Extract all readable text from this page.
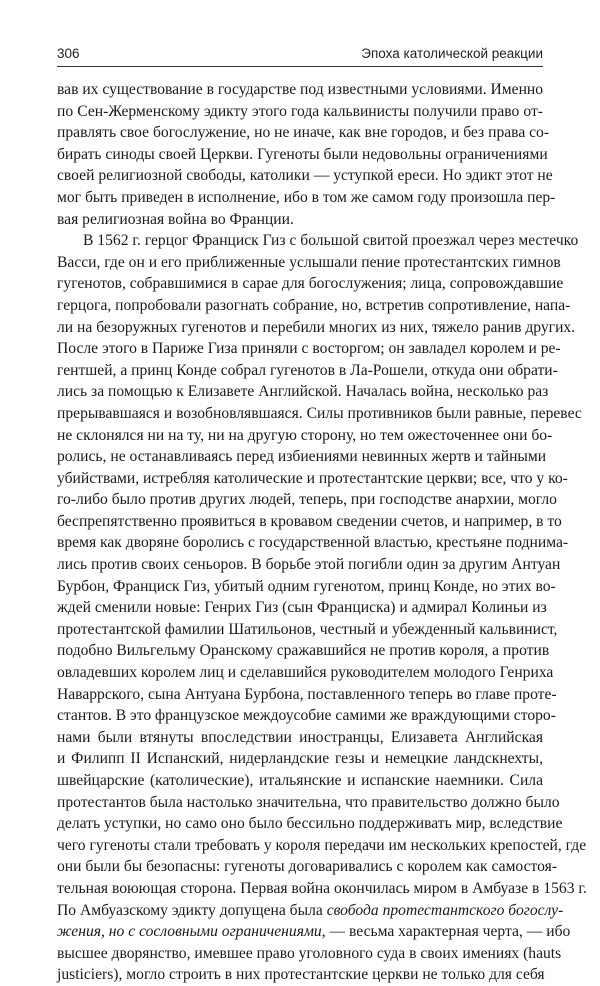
306	Эпоха католической реакции
вав их существование в государстве под известными условиями. Именно
по Сен-Жерменскому эдикту этого года кальвинисты получили право от-
правлять свое богослужение, но не иначе, как вне городов, и без права со-
бирать синоды своей Церкви. Гугеноты были недовольны ограничениями
своей религиозной свободы, католики — уступкой ереси. Но эдикт этот не
мог быть приведен в исполнение, ибо в том же самом году произошла пер-
вая религиозная война во Франции.
В 1562 г. герцог Франциск Гиз с большой свитой проезжал через местечко
Васси, где он и его приближенные услышали пение протестантских гимнов
гугенотов, собравшимися в сарае для богослужения; лица, сопровождавшие
герцога, попробовали разогнать собрание, но, встретив сопротивление, напа-
ли на безоружных гугенотов и перебили многих из них, тяжело ранив других.
После этого в Париже Гиза приняли с восторгом; он завладел королем и ре-
гентшей, а принц Конде собрал гугенотов в Ла-Рошели, откуда они обрати-
лись за помощью к Елизавете Английской. Началась война, несколько раз
прерывавшаяся и возобновлявшаяся. Силы противников были равные, перевес
не склонялся ни на ту, ни на другую сторону, но тем ожесточеннее они бо-
ролись, не останавливаясь перед избиениями невинных жертв и тайными
убийствами, истребляя католические и протестантские церкви; все, что у ко-
го-либо было против других людей, теперь, при господстве анархии, могло
беспрепятственно проявиться в кровавом сведении счетов, и например, в то
время как дворяне боролись с государственной властью, крестьяне поднима-
лись против своих сеньоров. В борьбе этой погибли один за другим Антуан
Бурбон, Франциск Гиз, убитый одним гугенотом, принц Конде, но этих во-
ждей сменили новые: Генрих Гиз (сын Франциска) и адмирал Колиньи из
протестантской фамилии Шатильонов, честный и убежденный кальвинист,
подобно Вильгельму Оранскому сражавшийся не против короля, а против
овладевших королем лиц и сделавшийся руководителем молодого Генриха
Наваррского, сына Антуана Бурбона, поставленного теперь во главе проте-
стантов. В это французское междоусобие самими же враждующими сторо-
нами были втянуты впоследствии иностранцы, Елизавета Английская
и Филипп II Испанский, нидерландские гезы и немецкие ландскнехты,
швейцарские (католические), итальянские и испанские наемники. Сила
протестантов была настолько значительна, что правительство должно было
делать уступки, но само оно было бессильно поддерживать мир, вследствие
чего гугеноты стали требовать у короля передачи им нескольких крепостей, где
они были бы безопасны: гугеноты договаривались с королем как самостоя-
тельная воюющая сторона. Первая война окончилась миром в Амбуазе в 1563 г.
По Амбуазскому эдикту допущена была свобода протестантского богослу-
жения, но с сословными ограничениями, — весьма характерная черта, — ибо
высшее дворянство, имевшее право уголовного суда в своих имениях (hauts
justiciers), могло строить в них протестантские церкви не только для себя
